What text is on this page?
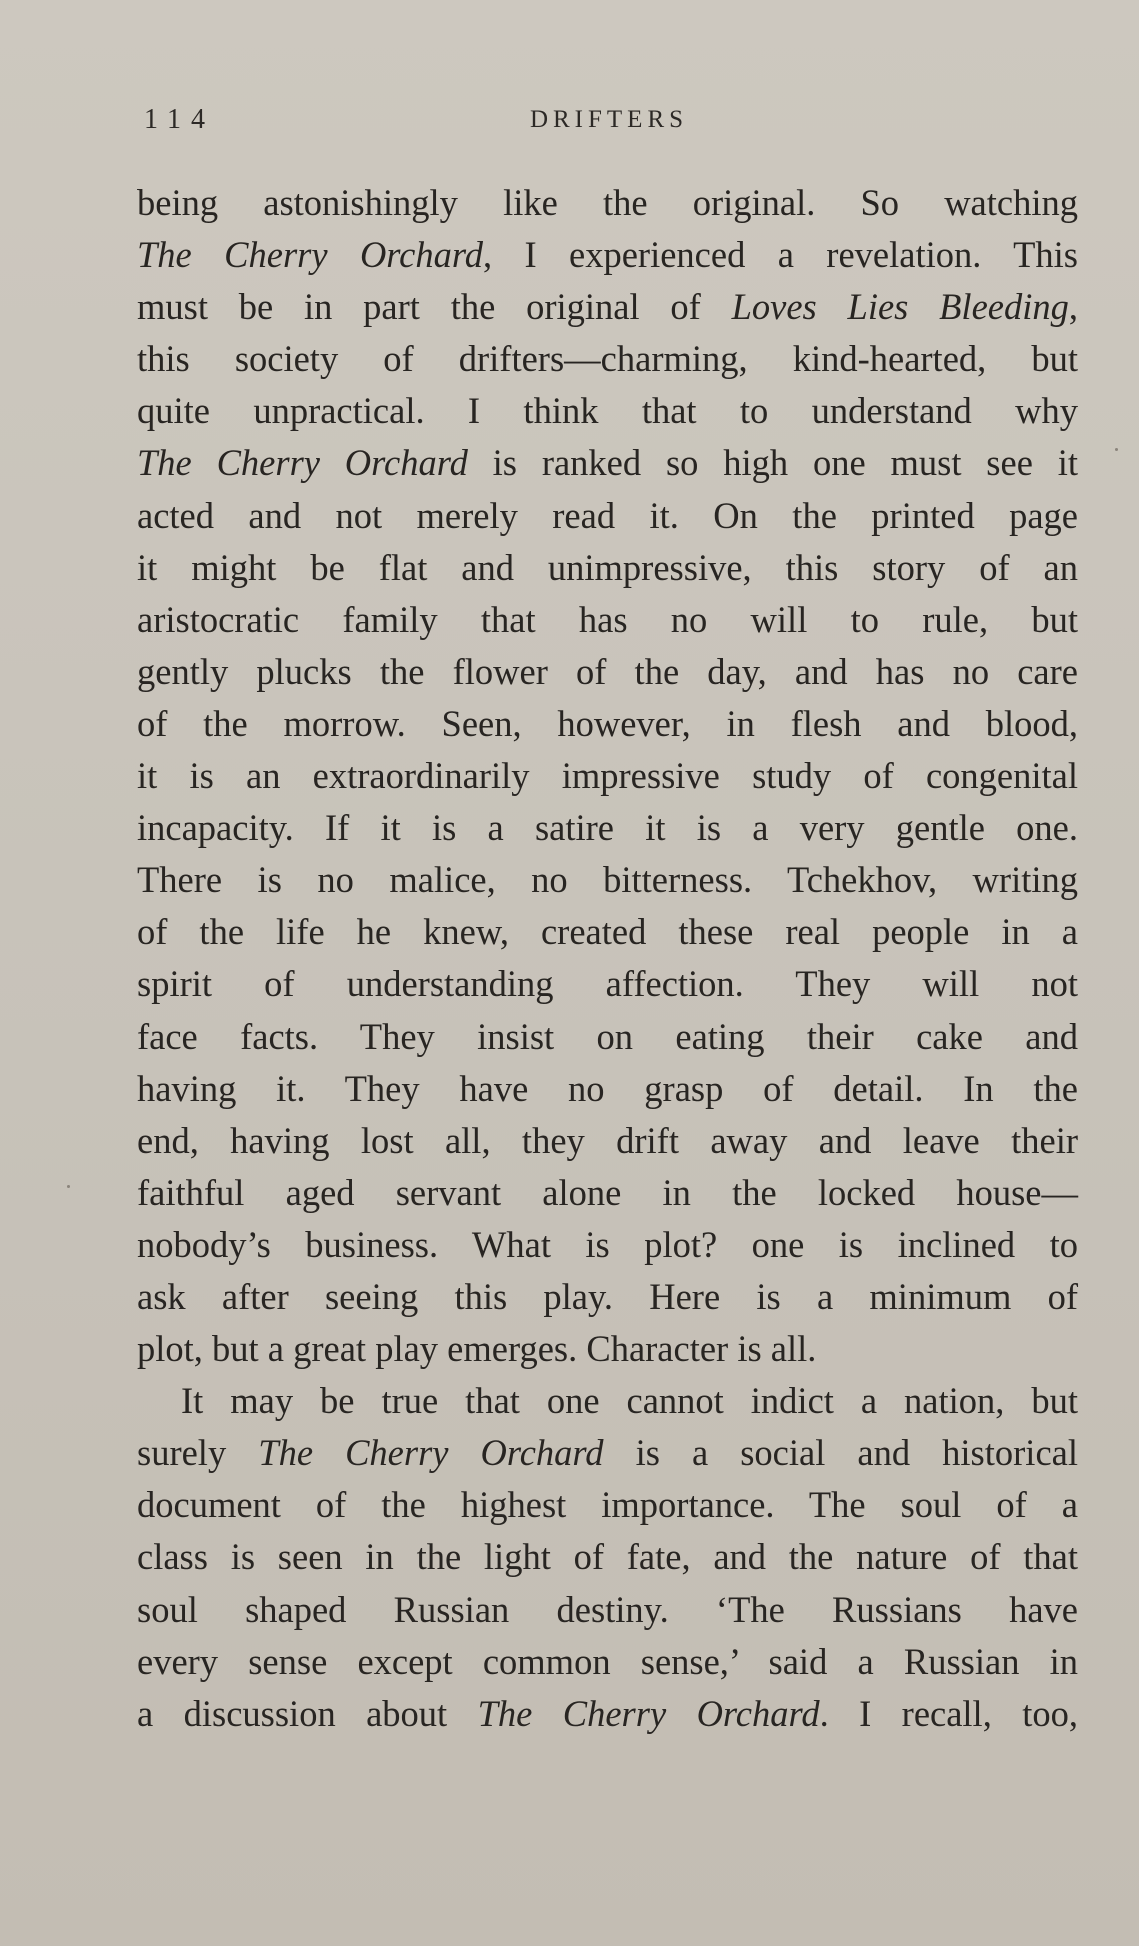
114	DRIFTERS
being astonishingly like the original. So watching
The Cherry Orchard, I experienced a revelation. This
must be in part the original of Loves Lies Bleeding,
this society of drifters—charming, kind-hearted, but
quite unpractical. I think that to understand why
The Cherry Orchard is ranked so high one must see it
acted and not merely read it. On the printed page
it might be flat and unimpressive, this story of an
aristocratic family that has no will to rule, but
gently plucks the flower of the day, and has no care
of the morrow. Seen, however, in flesh and blood,
it is an extraordinarily impressive study of congenital
incapacity. If it is a satire it is a very gentle one.
There is no malice, no bitterness. Tchekhov, writing
of the life he knew, created these real people in a
spirit of understanding affection. They will not
face facts. They insist on eating their cake and
having it. They have no grasp of detail. In the
end, having lost all, they drift away and leave their
faithful aged servant alone in the locked house—
nobody’s business. What is plot? one is inclined to
ask after seeing this play. Here is a minimum of
plot, but a great play emerges. Character is all.
It may be true that one cannot indict a nation, but
surely The Cherry Orchard is a social and historical
document of the highest importance. The soul of a
class is seen in the light of fate, and the nature of that
soul shaped Russian destiny. ‘The Russians have
every sense except common sense,’ said a Russian in
a discussion about The Cherry Orchard. I recall, too,
